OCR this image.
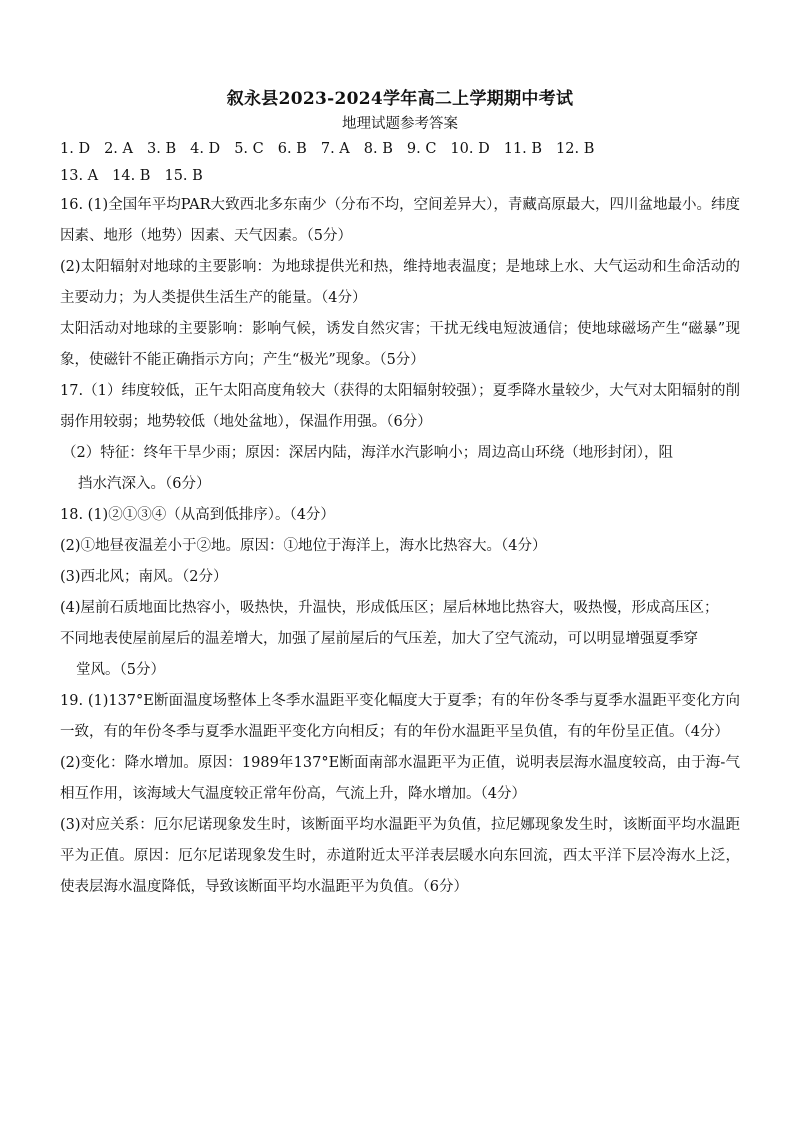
叙永县2023-2024学年高二上学期期中考试
地理试题参考答案
1. D 2. A 3. B 4. D 5. C 6. B 7. A 8. B 9. C 10. D 11. B 12. B
13. A 14. B 15. B

16. (1)全国年平均PAR大致西北多东南少（分布不均，空间差异大），青藏高原最大，四川盆地最小。纬度因素、地形（地势）因素、天气因素。（5分）

(2)太阳辐射对地球的主要影响：为地球提供光和热，维持地表温度；是地球上水、大气运动和生命活动的主要动力；为人类提供生活生产的能量。（4分）

太阳活动对地球的主要影响：影响气候，诱发自然灾害；干扰无线电短波通信；使地球磁场产生“磁暴”现象，使磁针不能正确指示方向；产生“极光”现象。（5分）

17.（1）纬度较低，正午太阳高度角较大（获得的太阳辐射较强）；夏季降水量较少，大气对太阳辐射的削弱作用较弱；地势较低（地处盆地），保温作用强。（6分）

（2）特征：终年干旱少雨；原因：深居内陆，海洋水汽影响小；周边高山环绕（地形封闭），阻

挡水汽深入。（6分）

18. (1)②①③④（从高到低排序）。（4分）

(2)①地昼夜温差小于②地。原因：①地位于海洋上，海水比热容大。（4分）

(3)西北风；南风。（2分）

(4)屋前石质地面比热容小，吸热快，升温快，形成低压区；屋后林地比热容大，吸热慢，形成高压区；

不同地表使屋前屋后的温差增大，加强了屋前屋后的气压差，加大了空气流动，可以明显增强夏季穿

堂风。（5分）

19. (1)137°E断面温度场整体上冬季水温距平变化幅度大于夏季；有的年份冬季与夏季水温距平变化方向一致，有的年份冬季与夏季水温距平变化方向相反；有的年份水温距平呈负值，有的年份呈正值。（4分）

(2)变化：降水增加。原因：1989年137°E断面南部水温距平为正值，说明表层海水温度较高，由于海-气相互作用，该海域大气温度较正常年份高，气流上升，降水增加。（4分）

(3)对应关系：厄尔尼诺现象发生时，该断面平均水温距平为负值，拉尼娜现象发生时，该断面平均水温距平为正值。原因：厄尔尼诺现象发生时，赤道附近太平洋表层暖水向东回流，西太平洋下层冷海水上泛，使表层海水温度降低，导致该断面平均水温距平为负值。（6分）
